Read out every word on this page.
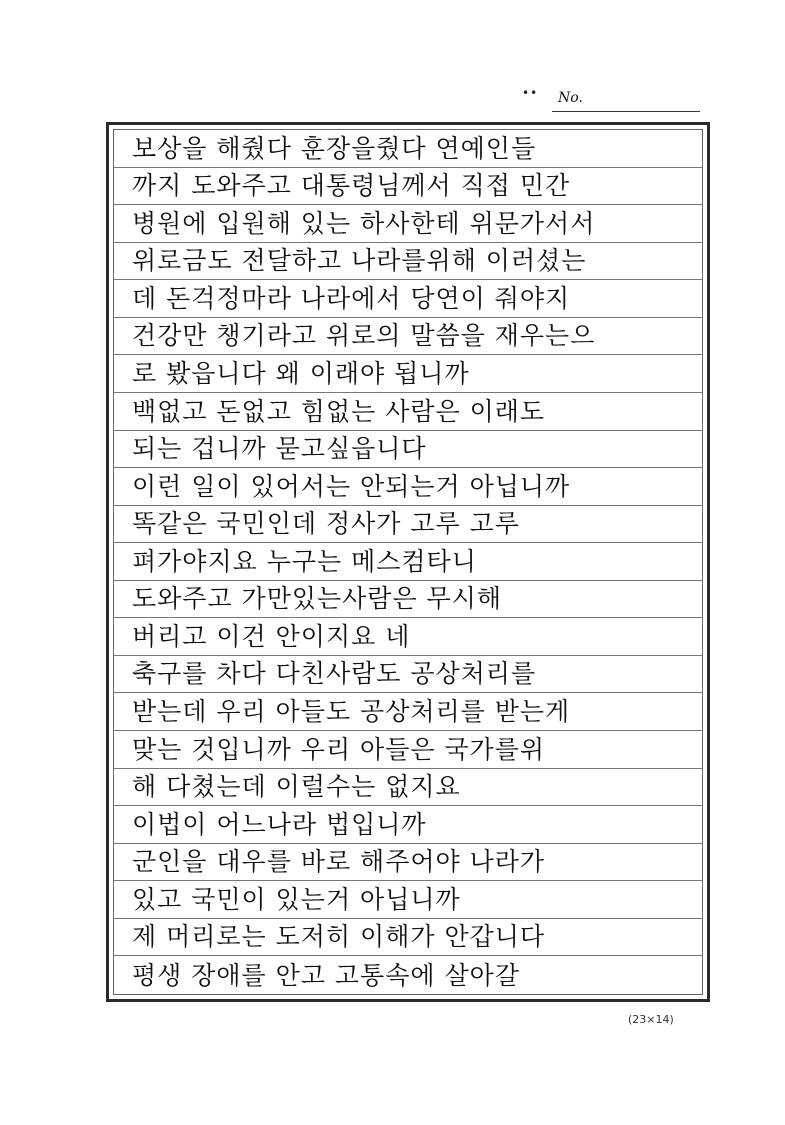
•• No.
보상을 해줬다 훈장을줬다 연예인들
까지 도와주고 대통령님께서 직접 민간
병원에 입원해 있는 하사한테 위문가서서
위로금도 전달하고 나라를위해 이러셨는
데 돈걱정마라 나라에서 당연이 줘야지
건강만 챙기라고 위로의 말씀을 재우는으
로 봤읍니다 왜 이래야 됩니까
백없고 돈없고 힘없는 사람은 이래도
되는 겁니까 묻고싶읍니다
이런 일이 있어서는 안되는거 아닙니까
똑같은 국민인데 정사가 고루 고루
펴가야지요 누구는 메스컴타니
도와주고 가만있는사람은 무시해
버리고 이건 안이지요 네
축구를 차다 다친사람도 공상처리를
받는데 우리 아들도 공상처리를 받는게
맞는 것입니까 우리 아들은 국가를위
해 다쳤는데 이럴수는 없지요
이법이 어느나라 법입니까
군인을 대우를 바로 해주어야 나라가
있고 국민이 있는거 아닙니까
제 머리로는 도저히 이해가 안갑니다
평생 장애를 안고 고통속에 살아갈
(23×14)
